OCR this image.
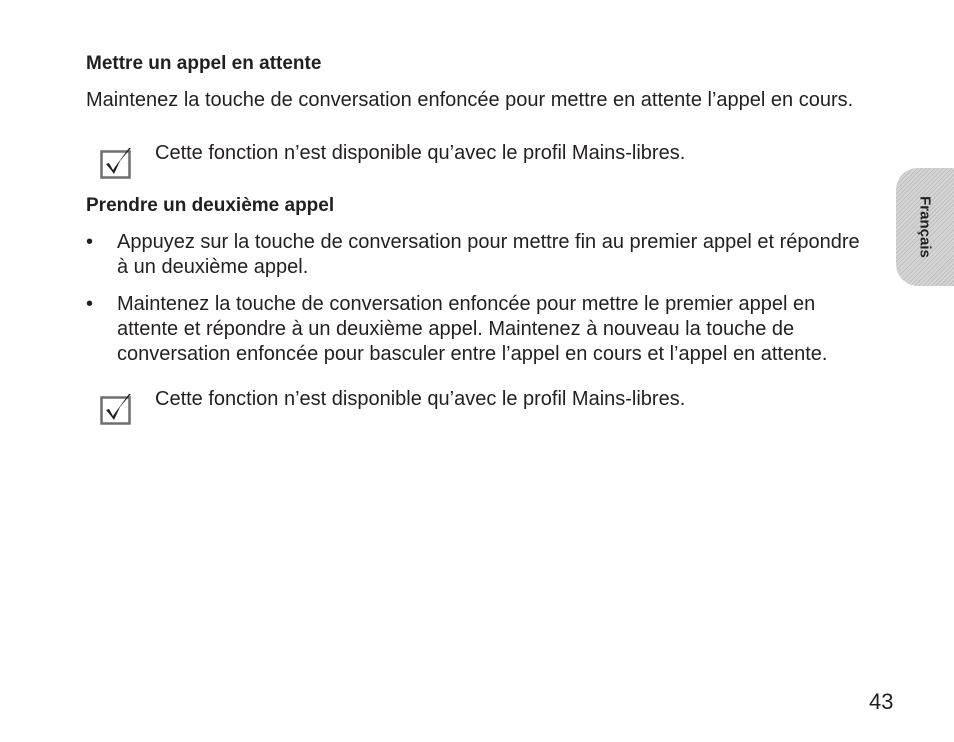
Mettre un appel en attente

Maintenez la touche de conversation enfoncée pour mettre en attente l’appel en cours.

Cette fonction n’est disponible qu’avec le profil Mains-libres.
Prendre un deuxième appel
• Appuyez sur la touche de conversation pour mettre fin au premier appel et répondre à un deuxième appel.
• Maintenez la touche de conversation enfoncée pour mettre le premier appel en attente et répondre à un deuxième appel. Maintenez à nouveau la touche de conversation enfoncée pour basculer entre l’appel en cours et l’appel en attente.
Cette fonction n’est disponible qu’avec le profil Mains-libres.
Français
43
